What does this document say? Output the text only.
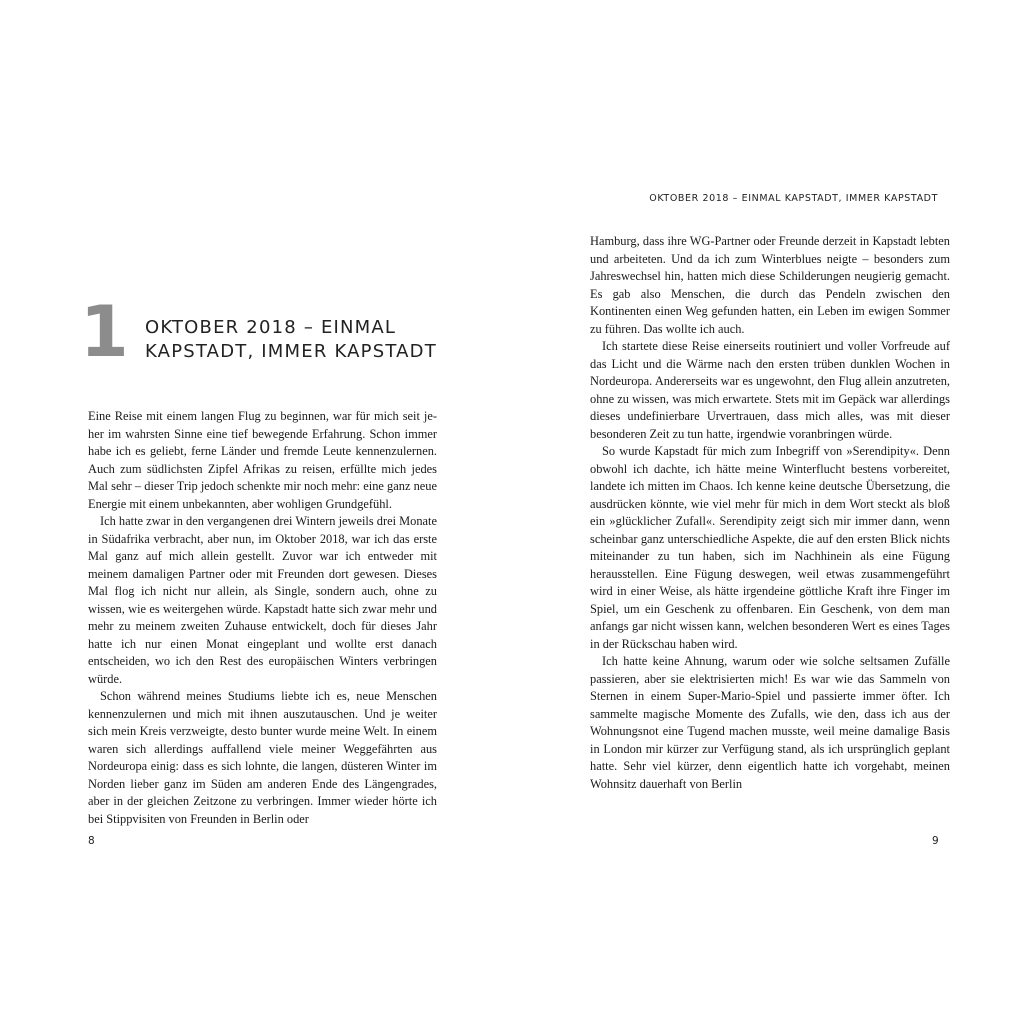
1 OKTOBER 2018 – EINMAL KAPSTADT, IMMER KAPSTADT

Eine Reise mit einem langen Flug zu beginnen, war für mich seit jeher im wahrsten Sinne eine tief bewegende Erfahrung. Schon immer habe ich es geliebt, ferne Länder und fremde Leute kennenzulernen. Auch zum südlichsten Zipfel Afrikas zu reisen, erfüllte mich jedes Mal sehr – dieser Trip jedoch schenkte mir noch mehr: eine ganz neue Energie mit einem unbekannten, aber wohligen Grundgefühl.

Ich hatte zwar in den vergangenen drei Wintern jeweils drei Monate in Südafrika verbracht, aber nun, im Oktober 2018, war ich das erste Mal ganz auf mich allein gestellt. Zuvor war ich entweder mit meinem damaligen Partner oder mit Freunden dort gewesen. Dieses Mal flog ich nicht nur allein, als Single, sondern auch, ohne zu wissen, wie es weitergehen würde. Kapstadt hatte sich zwar mehr und mehr zu meinem zweiten Zuhause entwickelt, doch für dieses Jahr hatte ich nur einen Monat eingeplant und wollte erst danach entscheiden, wo ich den Rest des europäischen Winters verbringen würde.

Schon während meines Studiums liebte ich es, neue Menschen kennenzulernen und mich mit ihnen auszutauschen. Und je weiter sich mein Kreis verzweigte, desto bunter wurde meine Welt. In einem waren sich allerdings auffallend viele meiner Weggefährten aus Nordeuropa einig: dass es sich lohnte, die langen, düsteren Winter im Norden lieber ganz im Süden am anderen Ende des Längengrades, aber in der gleichen Zeitzone zu verbringen. Immer wieder hörte ich bei Stippvisiten von Freunden in Berlin oder

8
OKTOBER 2018 – EINMAL KAPSTADT, IMMER KAPSTADT

Hamburg, dass ihre WG-Partner oder Freunde derzeit in Kapstadt lebten und arbeiteten. Und da ich zum Winterblues neigte – besonders zum Jahreswechsel hin, hatten mich diese Schilderungen neugierig gemacht. Es gab also Menschen, die durch das Pendeln zwischen den Kontinenten einen Weg gefunden hatten, ein Leben im ewigen Sommer zu führen. Das wollte ich auch.

Ich startete diese Reise einerseits routiniert und voller Vorfreude auf das Licht und die Wärme nach den ersten trüben dunklen Wochen in Nordeuropa. Andererseits war es ungewohnt, den Flug allein anzutreten, ohne zu wissen, was mich erwartete. Stets mit im Gepäck war allerdings dieses undefinierbare Urvertrauen, dass mich alles, was mit dieser besonderen Zeit zu tun hatte, irgendwie voranbringen würde.

So wurde Kapstadt für mich zum Inbegriff von »Serendipity«. Denn obwohl ich dachte, ich hätte meine Winterflucht bestens vorbereitet, landete ich mitten im Chaos. Ich kenne keine deutsche Übersetzung, die ausdrücken könnte, wie viel mehr für mich in dem Wort steckt als bloß ein »glücklicher Zufall«. Serendipity zeigt sich mir immer dann, wenn scheinbar ganz unterschiedliche Aspekte, die auf den ersten Blick nichts miteinander zu tun haben, sich im Nachhinein als eine Fügung herausstellen. Eine Fügung deswegen, weil etwas zusammengeführt wird in einer Weise, als hätte irgendeine göttliche Kraft ihre Finger im Spiel, um ein Geschenk zu offenbaren. Ein Geschenk, von dem man anfangs gar nicht wissen kann, welchen besonderen Wert es eines Tages in der Rückschau haben wird.

Ich hatte keine Ahnung, warum oder wie solche seltsamen Zufälle passieren, aber sie elektrisierten mich! Es war wie das Sammeln von Sternen in einem Super-Mario-Spiel und passierte immer öfter. Ich sammelte magische Momente des Zufalls, wie den, dass ich aus der Wohnungsnot eine Tugend machen musste, weil meine damalige Basis in London mir kürzer zur Verfügung stand, als ich ursprünglich geplant hatte. Sehr viel kürzer, denn eigentlich hatte ich vorgehabt, meinen Wohnsitz dauerhaft von Berlin

9
